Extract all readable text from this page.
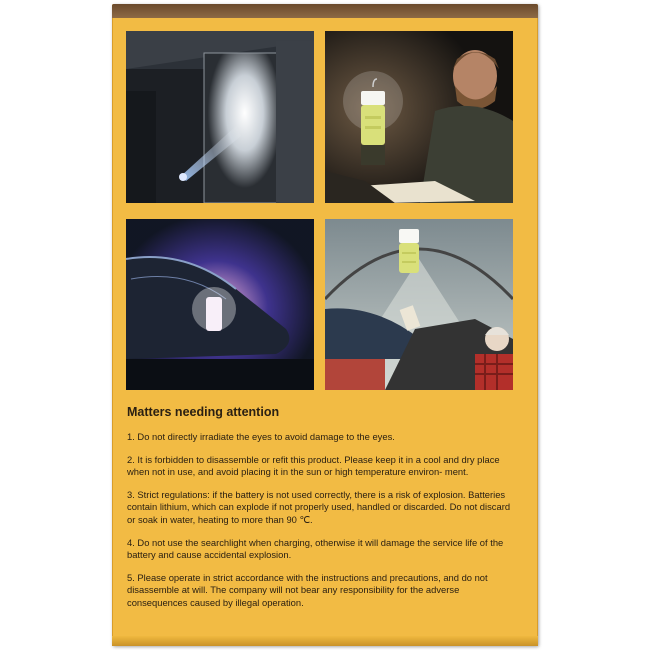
Matters needing attention

1. Do not directly irradiate the eyes to avoid damage to the eyes.

2. It is forbidden to disassemble or refit this product. Please keep it in a cool and dry place when not in use, and avoid placing it in the sun or high temperature environ- ment.

3. Strict regulations: if the battery is not used correctly, there is a risk of explosion. Batteries contain lithium, which can explode if not properly used, handled or discarded. Do not discard or soak in water, heating to more than 90 ℃.

4. Do not use the searchlight when charging, otherwise it will damage the service life of the battery and cause accidental explosion.

5. Please operate in strict accordance with the instructions and precautions, and do not disassemble at will. The company will not bear any responsibility for the adverse consequences caused by illegal operation.
